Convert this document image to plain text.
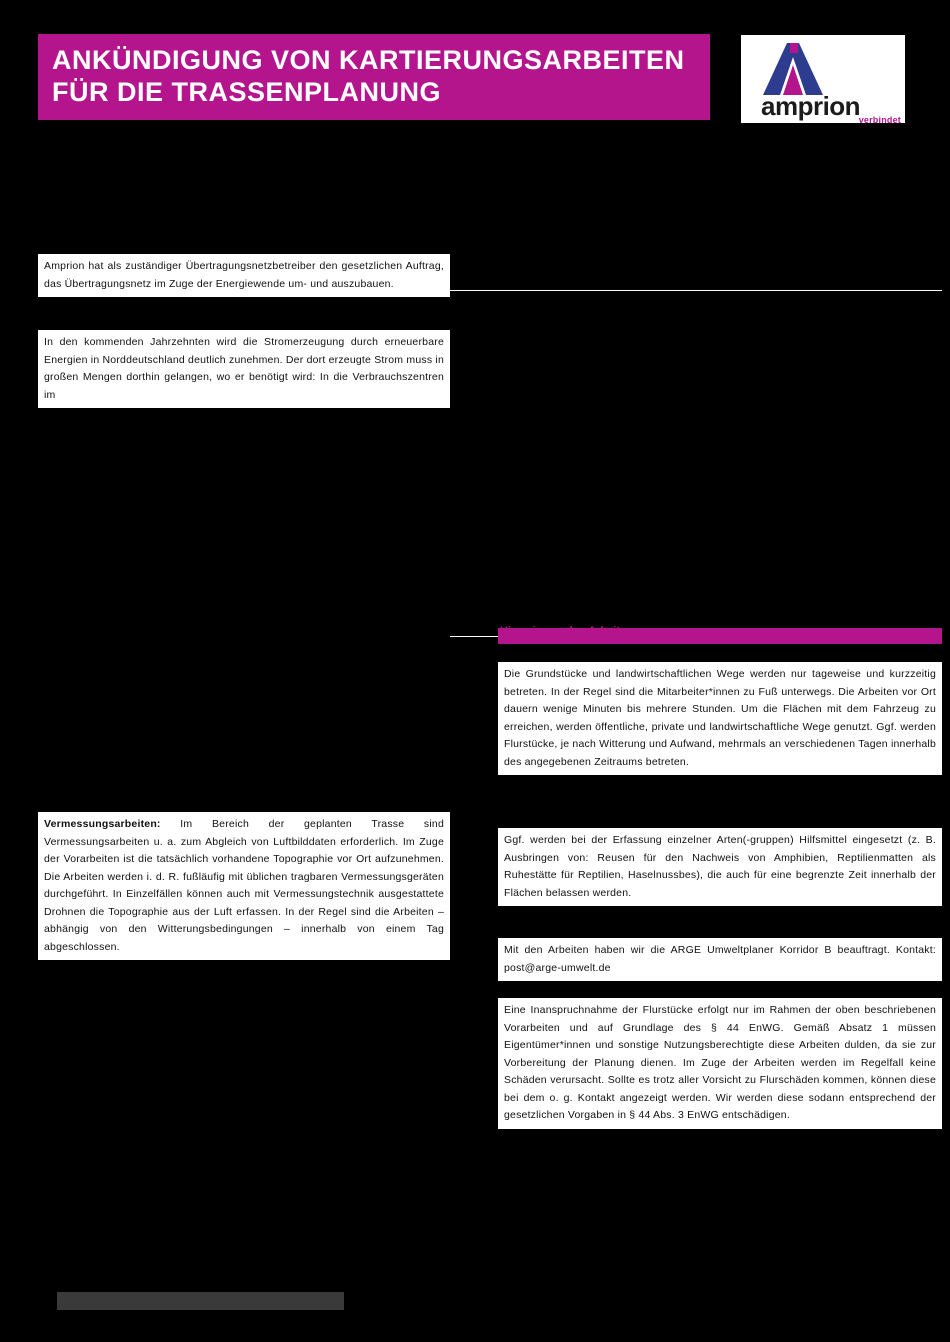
ANKÜNDIGUNG VON KARTIERUNGSARBEITEN
FÜR DIE TRASSENPLANUNG	amprion
verbindet

Amprion hat als zuständiger Übertragungsnetzbetreiber den gesetzlichen Auftrag, das Übertragungsnetz im Zuge der Energiewende um- und auszubauen.

In den kommenden Jahrzehnten wird die Stromerzeugung durch erneuerbare Energien in Norddeutschland deutlich zunehmen. Der dort erzeugte Strom muss in großen Mengen dorthin gelangen, wo er benötigt wird: In die Verbrauchszentren im

Vermessungsarbeiten: Im Bereich der geplanten Trasse sind Vermessungsarbeiten u. a. zum Abgleich von Luftbilddaten erforderlich. Im Zuge der Vorarbeiten ist die tatsächlich vorhandene Topographie vor Ort aufzunehmen. Die Arbeiten werden i. d. R. fußläufig mit üblichen tragbaren Vermessungsgeräten durchgeführt. In Einzelfällen können auch mit Vermessungstechnik ausgestattete Drohnen die Topographie aus der Luft erfassen. In der Regel sind die Arbeiten – abhängig von den Witterungsbedingungen – innerhalb von einem Tag abgeschlossen.

Hinweise zu den Arbeiten

Die Grundstücke und landwirtschaftlichen Wege werden nur tageweise und kurzzeitig betreten. In der Regel sind die Mitarbeiter*innen zu Fuß unterwegs. Die Arbeiten vor Ort dauern wenige Minuten bis mehrere Stunden. Um die Flächen mit dem Fahrzeug zu erreichen, werden öffentliche, private und landwirtschaftliche Wege genutzt. Ggf. werden Flurstücke, je nach Witterung und Aufwand, mehrmals an verschiedenen Tagen innerhalb des angegebenen Zeitraums betreten.

Ggf. werden bei der Erfassung einzelner Arten(-gruppen) Hilfsmittel eingesetzt (z. B. Ausbringen von: Reusen für den Nachweis von Amphibien, Reptilienmatten als Ruhestätte für Reptilien, Haselnussbes), die auch für eine begrenzte Zeit innerhalb der Flächen belassen werden.

Mit den Arbeiten haben wir die ARGE Umweltplaner Korridor B beauftragt. Kontakt: post@arge-umwelt.de

Eine Inanspruchnahme der Flurstücke erfolgt nur im Rahmen der oben beschriebenen Vorarbeiten und auf Grundlage des § 44 EnWG. Gemäß Absatz 1 müssen Eigentümer*innen und sonstige Nutzungsberechtigte diese Arbeiten dulden, da sie zur Vorbereitung der Planung dienen. Im Zuge der Arbeiten werden im Regelfall keine Schäden verursacht. Sollte es trotz aller Vorsicht zu Flurschäden kommen, können diese bei dem o. g. Kontakt angezeigt werden. Wir werden diese sodann entsprechend der gesetzlichen Vorgaben in § 44 Abs. 3 EnWG entschädigen.
